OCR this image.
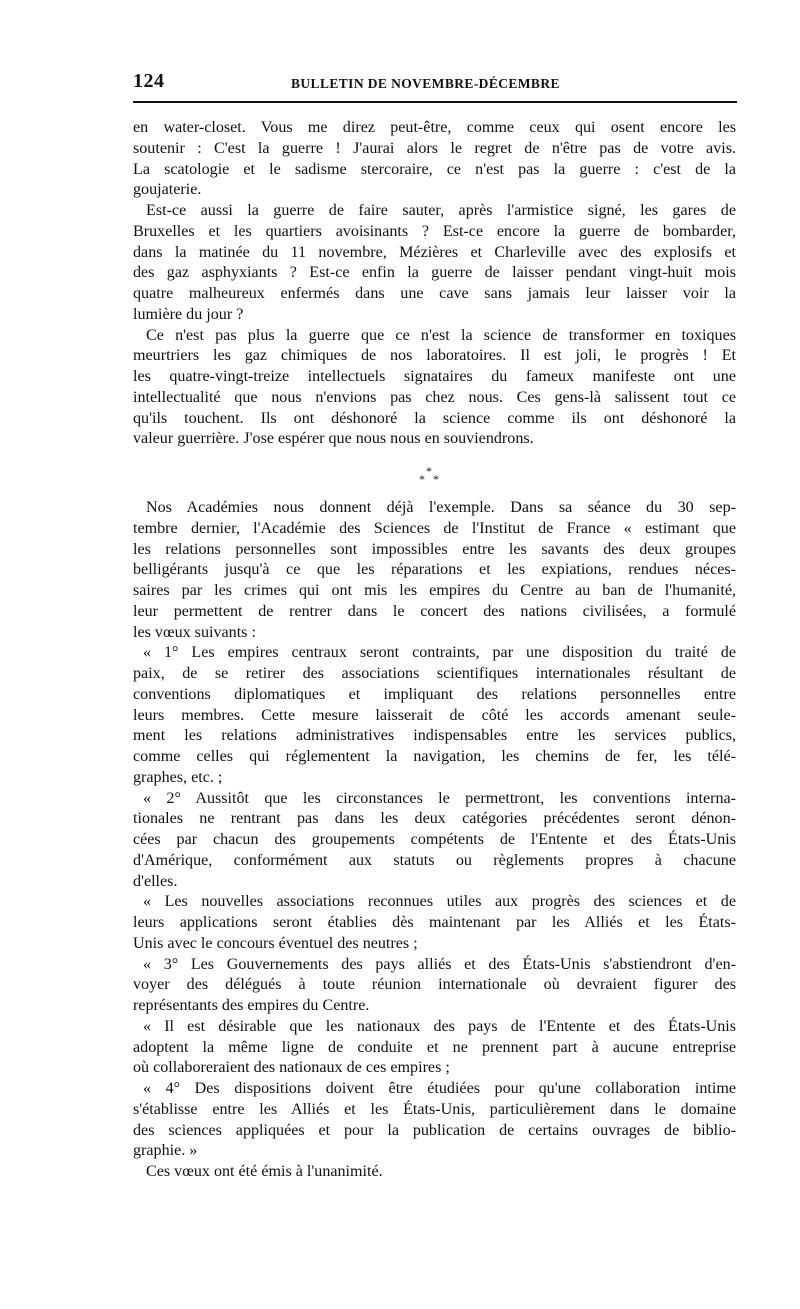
124	BULLETIN DE NOVEMBRE-DÉCEMBRE
en water-closet. Vous me direz peut-être, comme ceux qui osent encore les
soutenir : C'est la guerre ! J'aurai alors le regret de n'être pas de votre avis.
La scatologie et le sadisme stercoraire, ce n'est pas la guerre : c'est de la
goujaterie.
Est-ce aussi la guerre de faire sauter, après l'armistice signé, les gares de
Bruxelles et les quartiers avoisinants ? Est-ce encore la guerre de bombarder,
dans la matinée du 11 novembre, Mézières et Charleville avec des explosifs et
des gaz asphyxiants ? Est-ce enfin la guerre de laisser pendant vingt-huit mois
quatre malheureux enfermés dans une cave sans jamais leur laisser voir la
lumière du jour ?
Ce n'est pas plus la guerre que ce n'est la science de transformer en toxiques
meurtriers les gaz chimiques de nos laboratoires. Il est joli, le progrès ! Et
les quatre-vingt-treize intellectuels signataires du fameux manifeste ont une
intellectualité que nous n'envions pas chez nous. Ces gens-là salissent tout ce
qu'ils touchent. Ils ont déshonoré la science comme ils ont déshonoré la
valeur guerrière. J'ose espérer que nous nous en souviendrons.
*
* *
Nos Académies nous donnent déjà l'exemple. Dans sa séance du 30 sep-
tembre dernier, l'Académie des Sciences de l'Institut de France « estimant que
les relations personnelles sont impossibles entre les savants des deux groupes
belligérants jusqu'à ce que les réparations et les expiations, rendues néces-
saires par les crimes qui ont mis les empires du Centre au ban de l'humanité,
leur permettent de rentrer dans le concert des nations civilisées, a formulé
les vœux suivants :
« 1° Les empires centraux seront contraints, par une disposition du traité de
paix, de se retirer des associations scientifiques internationales résultant de
conventions diplomatiques et impliquant des relations personnelles entre
leurs membres. Cette mesure laisserait de côté les accords amenant seule-
ment les relations administratives indispensables entre les services publics,
comme celles qui réglementent la navigation, les chemins de fer, les télé-
graphes, etc. ;
« 2° Aussitôt que les circonstances le permettront, les conventions interna-
tionales ne rentrant pas dans les deux catégories précédentes seront dénon-
cées par chacun des groupements compétents de l'Entente et des États-Unis
d'Amérique, conformément aux statuts ou règlements propres à chacune
d'elles.
« Les nouvelles associations reconnues utiles aux progrès des sciences et de
leurs applications seront établies dès maintenant par les Alliés et les États-
Unis avec le concours éventuel des neutres ;
« 3° Les Gouvernements des pays alliés et des États-Unis s'abstiendront d'en-
voyer des délégués à toute réunion internationale où devraient figurer des
représentants des empires du Centre.
« Il est désirable que les nationaux des pays de l'Entente et des États-Unis
adoptent la même ligne de conduite et ne prennent part à aucune entreprise
où collaboreraient des nationaux de ces empires ;
« 4° Des dispositions doivent être étudiées pour qu'une collaboration intime
s'établisse entre les Alliés et les États-Unis, particulièrement dans le domaine
des sciences appliquées et pour la publication de certains ouvrages de biblio-
graphie. »
Ces vœux ont été émis à l'unanimité.
